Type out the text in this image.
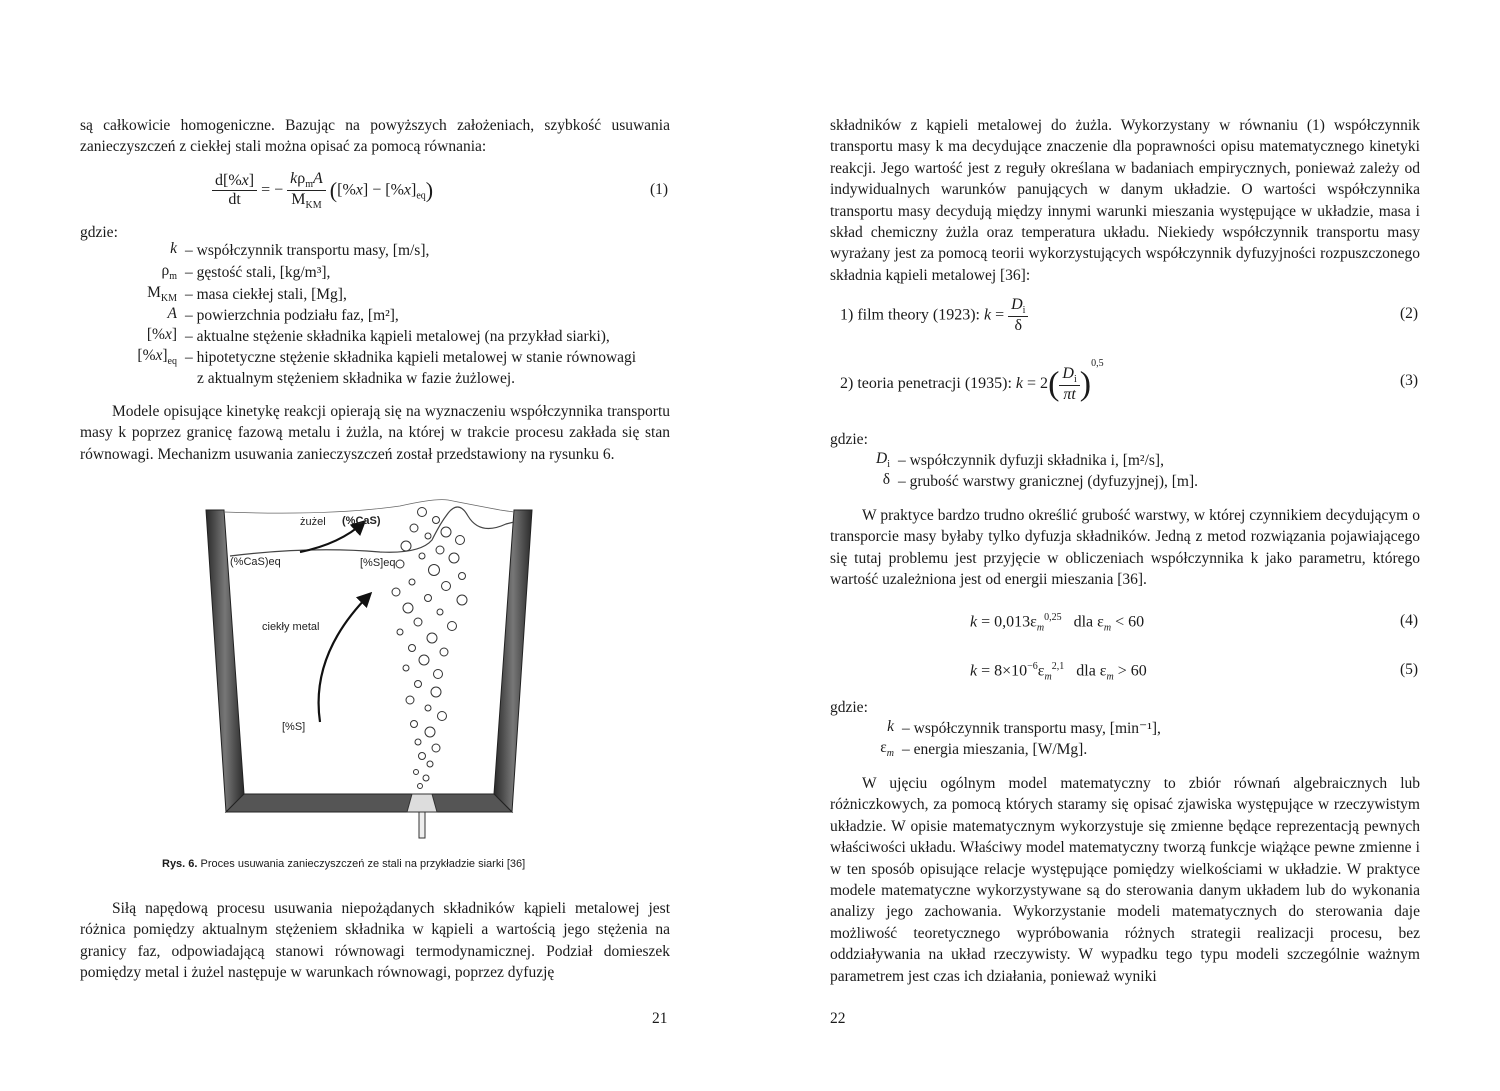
są całkowicie homogeniczne. Bazując na powyższych założeniach, szybkość usuwania zanieczyszczeń z ciekłej stali można opisać za pomocą równania:

$\frac{d[\%x]}{dt}$ = − $\frac{k\rho_mA}{M_{KM}} ([\%x] - [\%x]_{eq})$	(1)
gdzie:
k – współczynnik transportu masy, [m/s],
$\rho_m$ – gęstość stali, [kg/m³],
$M_{KM}$ – masa ciekłej stali, [Mg],
A – powierzchnia podziału faz, [m²],
[%x] – aktualne stężenie składnika kąpieli metalowej (na przykład siarki),
$[\%x]_{eq}$ – hipotetyczne stężenie składnika kąpieli metalowej w stanie równowagi
z aktualnym stężeniem składnika w fazie żużlowej.

Modele opisujące kinetykę reakcji opierają się na wyznaczeniu współczynnika transportu masy k poprzez granicę fazową metalu i żużla, na której w trakcie procesu zakłada się stan równowagi. Mechanizm usuwania zanieczyszczeń został przedstawiony na rysunku 6.

żużel (%CaS)
(%CaS)eq	[%S]eq
ciekły metal
[%S]
Rys. 6. Proces usuwania zanieczyszczeń ze stali na przykładzie siarki [36]

Siłą napędową procesu usuwania niepożądanych składników kąpieli metalowej jest różnica pomiędzy aktualnym stężeniem składnika w kąpieli a wartością jego stężenia na granicy faz, odpowiadającą stanowi równowagi termodynamicznej. Podział domieszek pomiędzy metal i żużel następuje w warunkach równowagi, poprzez dyfuzję

21

składników z kąpieli metalowej do żużla. Wykorzystany w równaniu (1) współczynnik transportu masy k ma decydujące znaczenie dla poprawności opisu matematycznego kinetyki reakcji. Jego wartość jest z reguły określana w badaniach empirycznych, ponieważ zależy od indywidualnych warunków panujących w danym układzie. O wartości współczynnika transportu masy decydują między innymi warunki mieszania występujące w układzie, masa i skład chemiczny żużla oraz temperatura układu. Niekiedy współczynnik transportu masy wyrażany jest za pomocą teorii wykorzystujących współczynnik dyfuzyjności rozpuszczonego składnia kąpieli metalowej [36]:

1) film theory (1923): $k = \frac{D_i}{\delta}$	(2)
2) teoria penetracji (1935): $k = 2( \frac{D_i}{\pi t} )^{0,5}$
(3)
gdzie:
$D_i$ – współczynnik dyfuzji składnika i, [m²/s],
δ – grubość warstwy granicznej (dyfuzyjnej), [m].

W praktyce bardzo trudno określić grubość warstwy, w której czynnikiem decydującym o transporcie masy byłaby tylko dyfuzja składników. Jedną z metod rozwiązania pojawiającego się tutaj problemu jest przyjęcie w obliczeniach współczynnika k jako parametru, którego wartość uzależniona jest od energii mieszania [36].

$k = 0,013\varepsilon_m^{0,25}$   dla $\varepsilon_m < 60$	(4)
$k = 8\times 10^{-6}\varepsilon_m^{2,1}$   dla $\varepsilon_m > 60$	(5)
gdzie:
k – współczynnik transportu masy, [min⁻¹],
$\varepsilon_m$ – energia mieszania, [W/Mg].

W ujęciu ogólnym model matematyczny to zbiór równań algebraicznych lub różniczkowych, za pomocą których staramy się opisać zjawiska występujące w rzeczywistym układzie. W opisie matematycznym wykorzystuje się zmienne będące reprezentacją pewnych właściwości układu. Właściwy model matematyczny tworzą funkcje wiążące pewne zmienne i w ten sposób opisujące relacje występujące pomiędzy wielkościami w układzie. W praktyce modele matematyczne wykorzystywane są do sterowania danym układem lub do wykonania analizy jego zachowania. Wykorzystanie modeli matematycznych do sterowania daje możliwość teoretycznego wypróbowania różnych strategii realizacji procesu, bez oddziaływania na układ rzeczywisty. W wypadku tego typu modeli szczególnie ważnym parametrem jest czas ich działania, ponieważ wyniki

22
